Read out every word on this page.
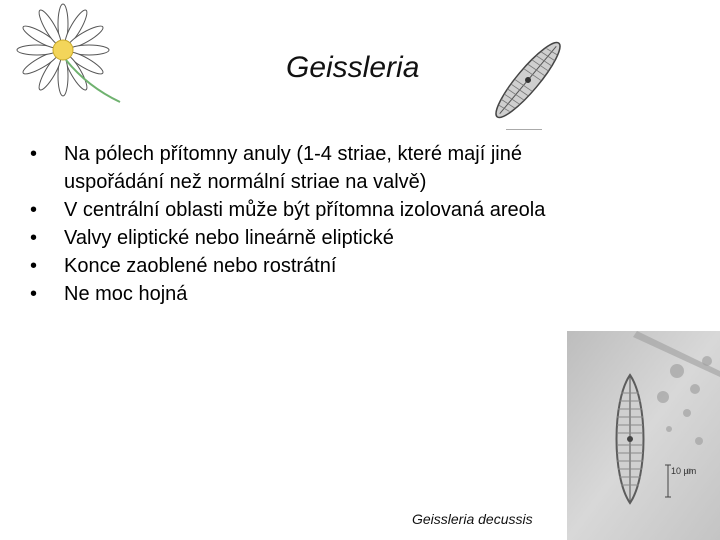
Geissleria
• Na pólech přítomny anuly (1-4 striae, které mají jiné uspořádání než normální striae na valvě)
• V centrální oblasti může být přítomna izolovaná areola
• Valvy eliptické nebo lineárně eliptické
• Konce zaoblené nebo rostrátní
• Ne moc hojná
10 µm
Geissleria decussis
